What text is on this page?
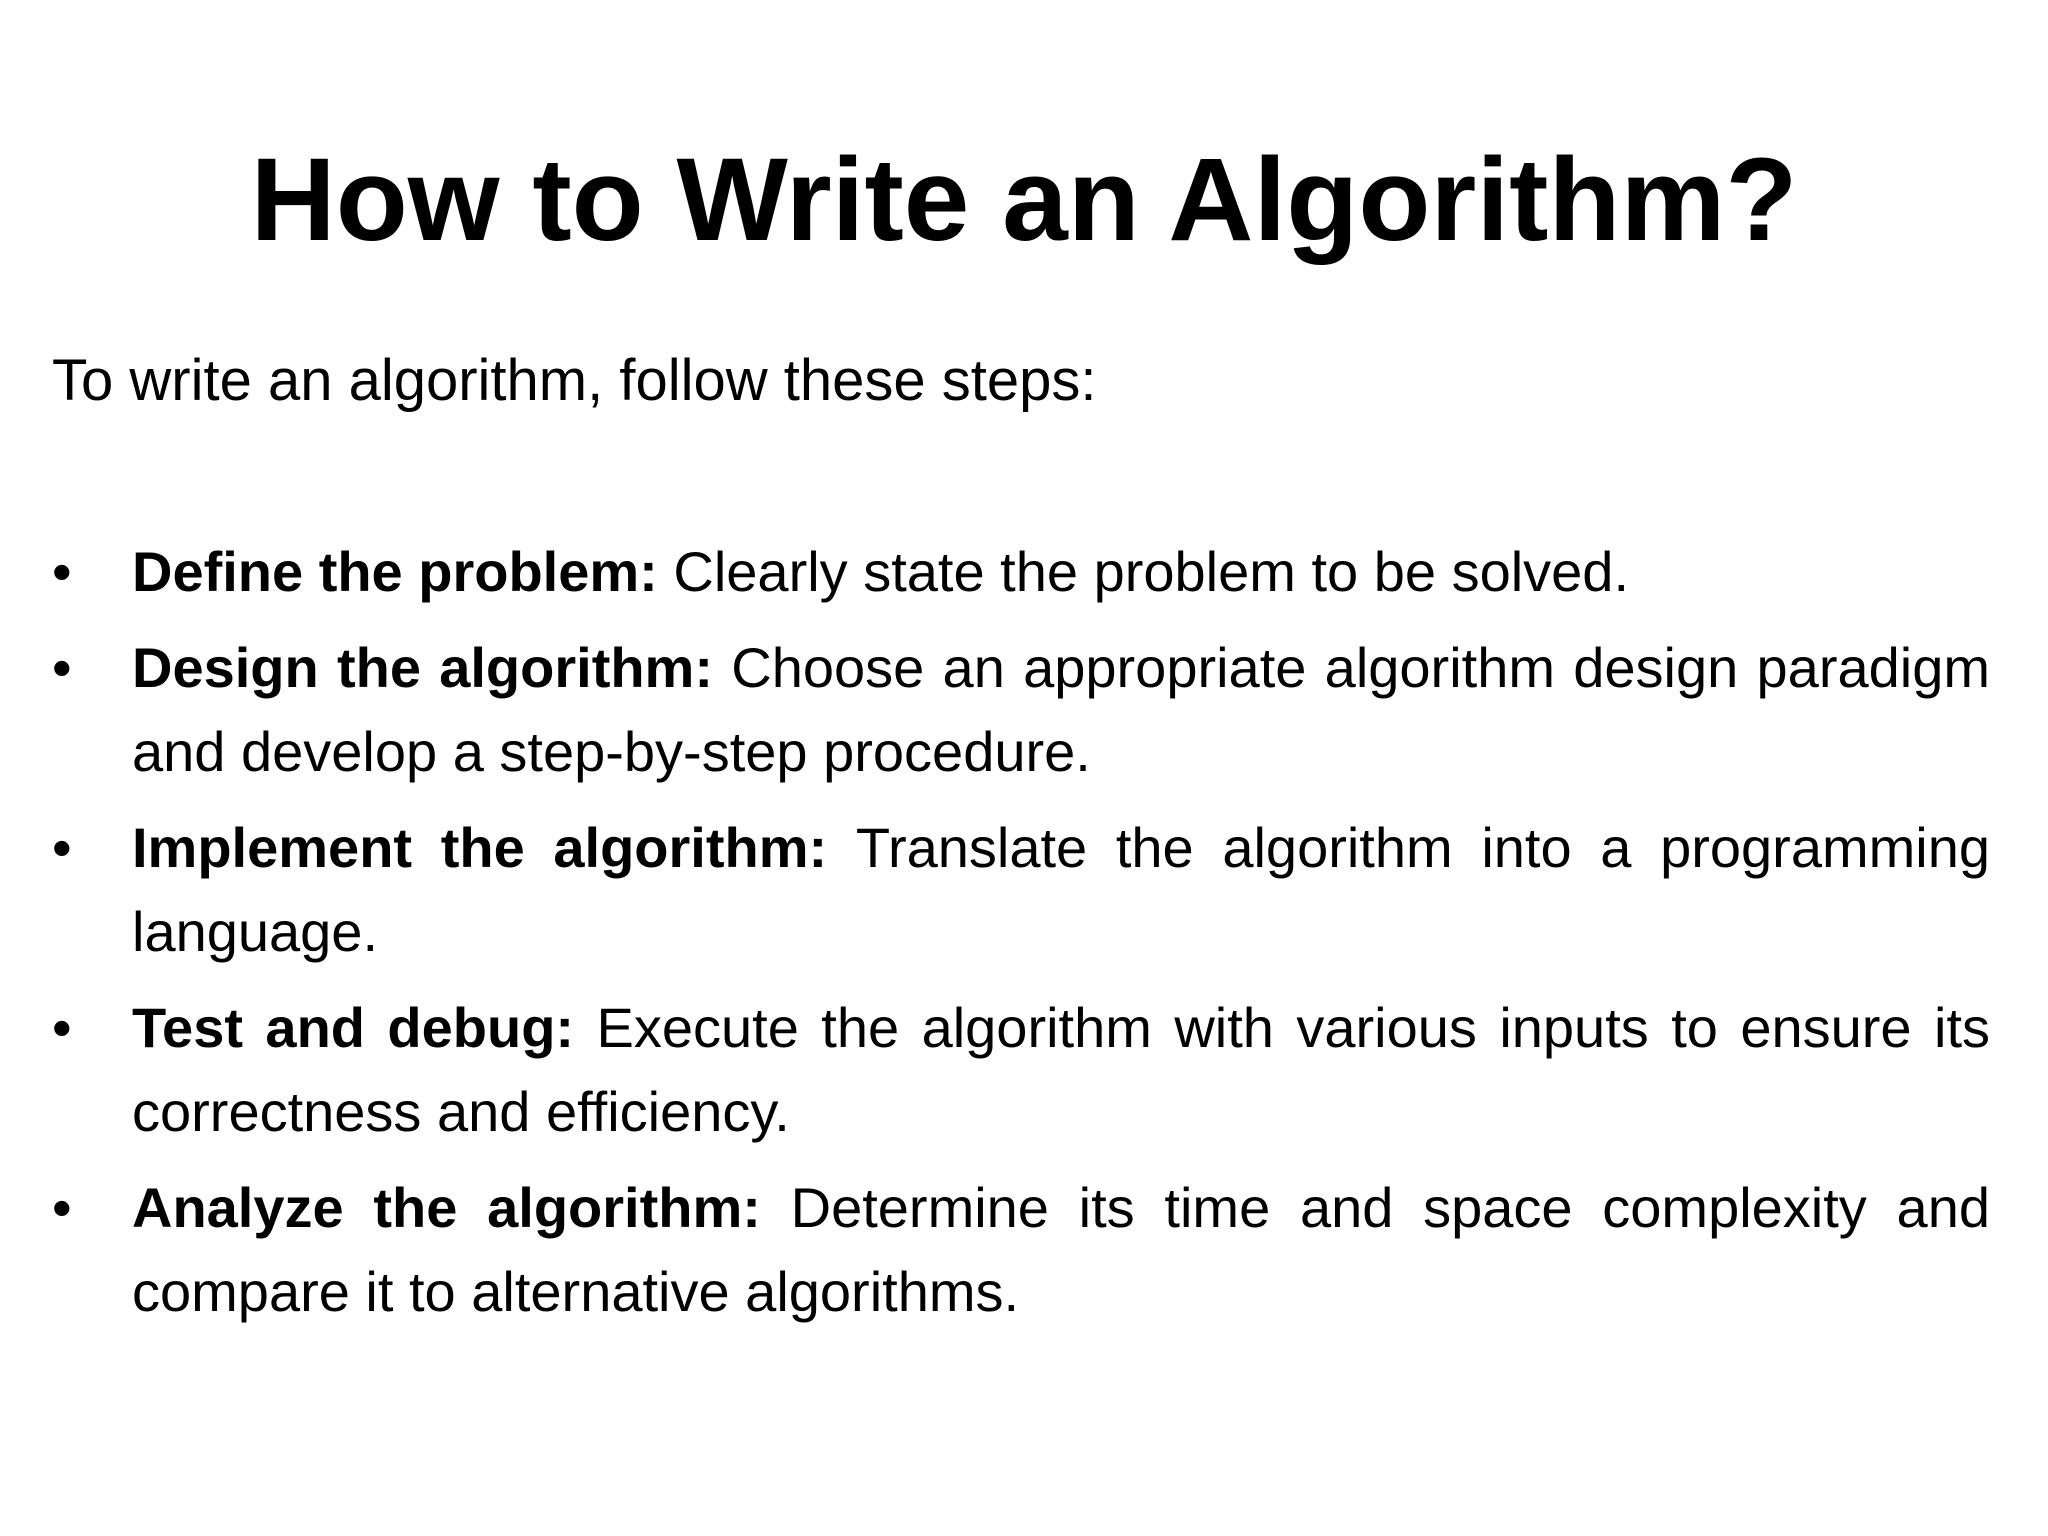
How to Write an Algorithm?

To write an algorithm, follow these steps:

•	Define the problem: Clearly state the problem to be solved.
•	Design the algorithm: Choose an appropriate algorithm design paradigm and develop a step-by-step procedure.
•	Implement the algorithm: Translate the algorithm into a programming language.
•	Test and debug: Execute the algorithm with various inputs to ensure its correctness and efficiency.
•	Analyze the algorithm: Determine its time and space complexity and compare it to alternative algorithms.
